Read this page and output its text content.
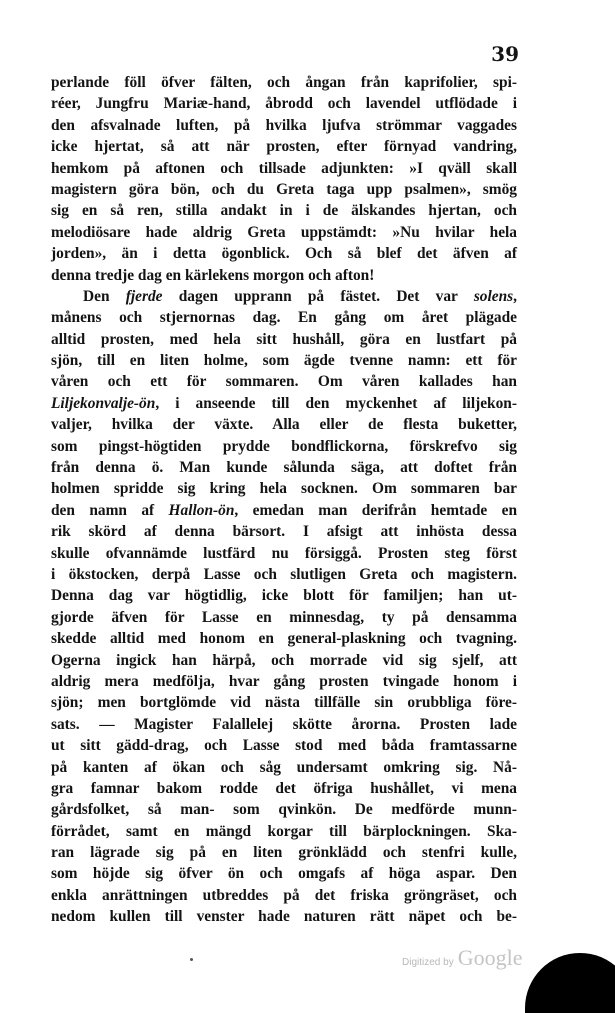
39
perlande föll öfver fälten, och ångan från kaprifolier, spi-
réer, Jungfru Mariæ-hand, åbrodd och lavendel utflödade i
den afsvalnade luften, på hvilka ljufva strömmar vaggades
icke hjertat, så att när prosten, efter förnyad vandring,
hemkom på aftonen och tillsade adjunkten: »I qväll skall
magistern göra bön, och du Greta taga upp psalmen», smög
sig en så ren, stilla andakt in i de älskandes hjertan, och
melodiösare hade aldrig Greta uppstämdt: »Nu hvilar hela
jorden», än i detta ögonblick. Och så blef det äfven af
denna tredje dag en kärlekens morgon och afton!
Den fjerde dagen upprann på fästet. Det var solens,
månens och stjernornas dag. En gång om året plägade
alltid prosten, med hela sitt hushåll, göra en lustfart på
sjön, till en liten holme, som ägde tvenne namn: ett för
våren och ett för sommaren. Om våren kallades han
Liljekonvalje-ön, i anseende till den myckenhet af liljekon-
valjer, hvilka der växte. Alla eller de flesta buketter,
som pingst-högtiden prydde bondflickorna, förskrefvo sig
från denna ö. Man kunde sålunda säga, att doftet från
holmen spridde sig kring hela socknen. Om sommaren bar
den namn af Hallon-ön, emedan man derifrån hemtade en
rik skörd af denna bärsort. I afsigt att inhösta dessa
skulle ofvannämde lustfärd nu försiggå. Prosten steg först
i ökstocken, derpå Lasse och slutligen Greta och magistern.
Denna dag var högtidlig, icke blott för familjen; han ut-
gjorde äfven för Lasse en minnesdag, ty på densamma
skedde alltid med honom en general-plaskning och tvagning.
Ogerna ingick han härpå, och morrade vid sig sjelf, att
aldrig mera medfölja, hvar gång prosten tvingade honom i
sjön; men bortglömde vid nästa tillfälle sin orubbliga före-
sats. — Magister Falallelej skötte årorna. Prosten lade
ut sitt gädd-drag, och Lasse stod med båda framtassarne
på kanten af ökan och såg undersamt omkring sig. Nå-
gra famnar bakom rodde det öfriga hushållet, vi mena
gårdsfolket, så man- som qvinkön. De medförde munn-
förrådet, samt en mängd korgar till bärplockningen. Ska-
ran lägrade sig på en liten grönklädd och stenfri kulle,
som höjde sig öfver ön och omgafs af höga aspar. Den
enkla anrättningen utbreddes på det friska gröngräset, och
nedom kullen till venster hade naturen rätt näpet och be-
Digitized by Google
